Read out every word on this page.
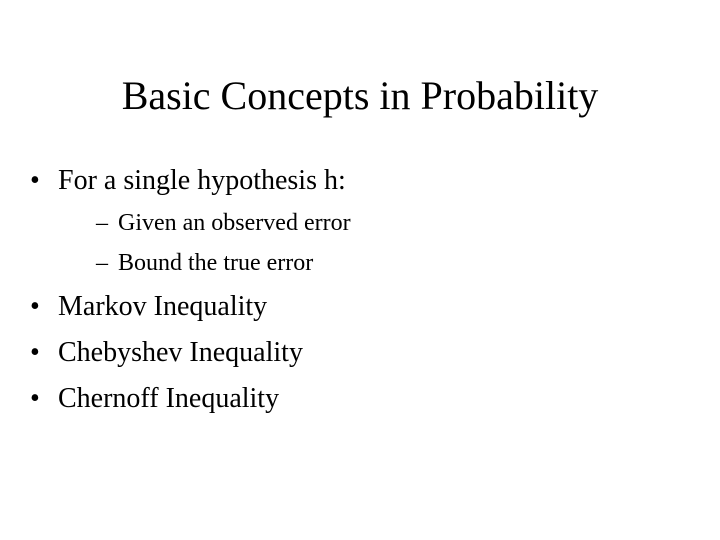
Basic Concepts in Probability
• For a single hypothesis h:
– Given an observed error
– Bound the true error
• Markov Inequality
• Chebyshev Inequality
• Chernoff Inequality
